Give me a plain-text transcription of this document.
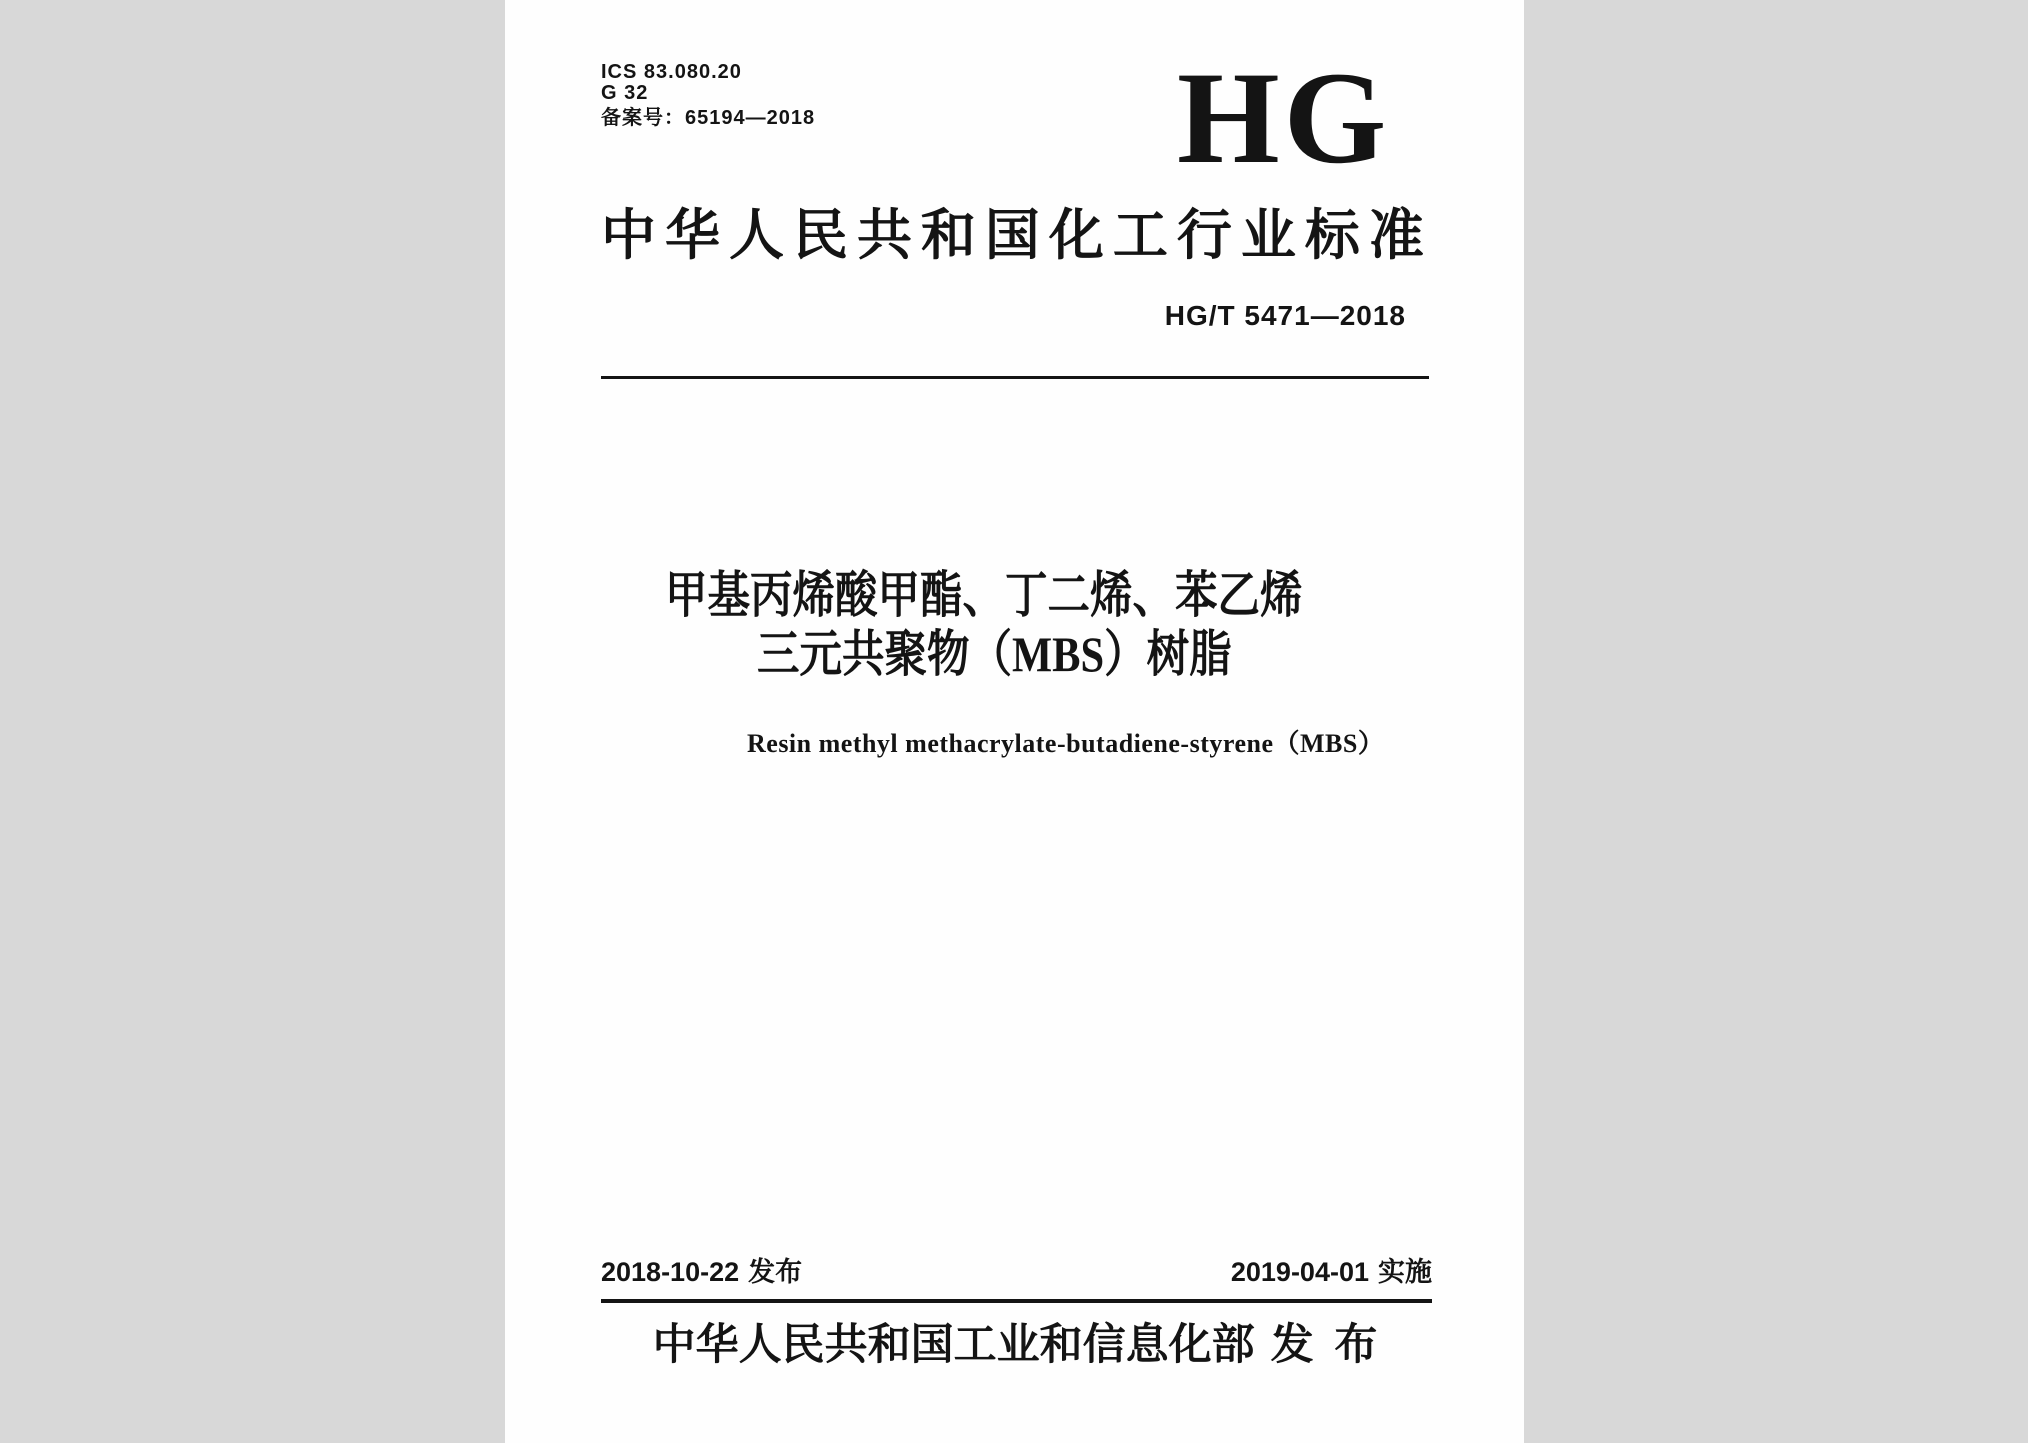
ICS 83.080.20
G 32
备案号：65194—2018	HG
中 华 人 民 共 和 国 化 工 行 业 标 准
HG/T 5471—2018
甲基丙烯酸甲酯、丁二烯、苯乙烯
三元共聚物（MBS）树脂
Resin methyl methacrylate-butadiene-styrene（MBS）
2018-10-22 发布	2019-04-01 实施
中华人民共和国工业和信息化部 发 布
